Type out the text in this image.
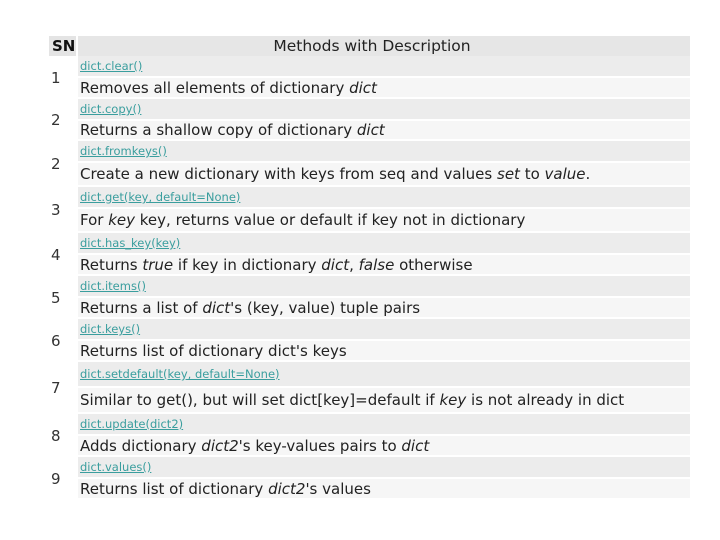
SN	Methods with Description
1
dict.clear()
Removes all elements of dictionary dict
2
dict.copy()
Returns a shallow copy of dictionary dict
2
dict.fromkeys()
Create a new dictionary with keys from seq and values set to value.
3
dict.get(key, default=None)
For key key, returns value or default if key not in dictionary
4
dict.has_key(key)
Returns true if key in dictionary dict, false otherwise
5
dict.items()
Returns a list of dict's (key, value) tuple pairs
6
dict.keys()
Returns list of dictionary dict's keys
7
dict.setdefault(key, default=None)
Similar to get(), but will set dict[key]=default if key is not already in dict
8
dict.update(dict2)
Adds dictionary dict2's key-values pairs to dict
9
dict.values()
Returns list of dictionary dict2's values
